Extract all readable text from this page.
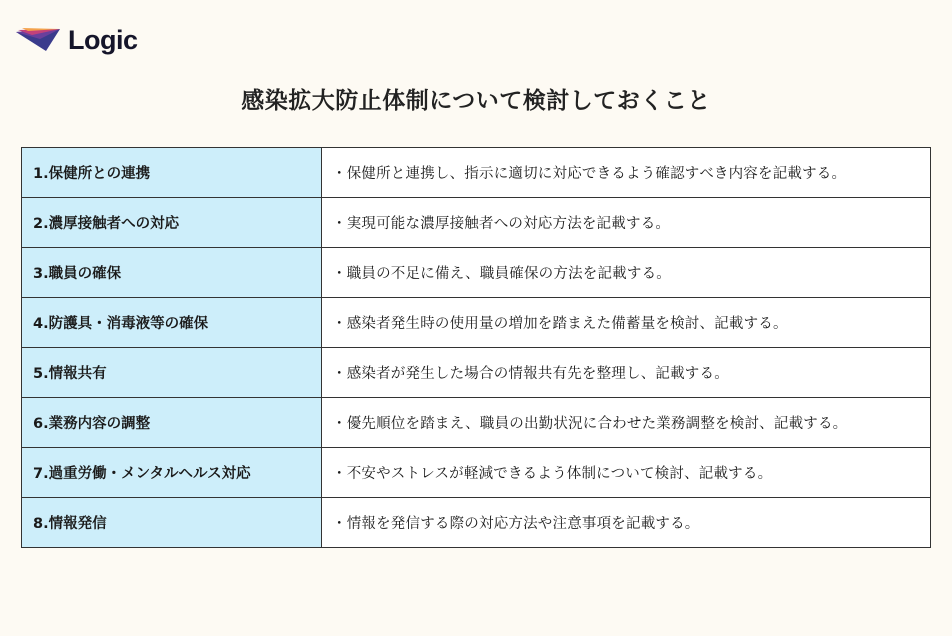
Logic
感染拡大防止体制について検討しておくこと
1.保健所との連携	・保健所と連携し、指示に適切に対応できるよう確認すべき内容を記載する。
2.濃厚接触者への対応	・実現可能な濃厚接触者への対応方法を記載する。
3.職員の確保	・職員の不足に備え、職員確保の方法を記載する。
4.防護具・消毒液等の確保	・感染者発生時の使用量の増加を踏まえた備蓄量を検討、記載する。
5.情報共有	・感染者が発生した場合の情報共有先を整理し、記載する。
6.業務内容の調整	・優先順位を踏まえ、職員の出勤状況に合わせた業務調整を検討、記載する。
7.過重労働・メンタルヘルス対応	・不安やストレスが軽減できるよう体制について検討、記載する。
8.情報発信	・情報を発信する際の対応方法や注意事項を記載する。
